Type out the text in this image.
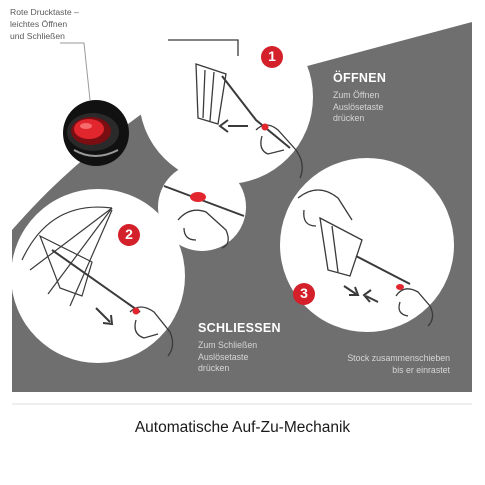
Rote Drucktaste –
leichtes Öffnen
und Schließen

1
2
3
ÖFFNEN

Zum Öffnen
Auslösetaste
drücken

SCHLIESSEN

Zum Schließen
Auslösetaste
drücken

Stock zusammenschieben
bis er einrastet

Automatische Auf-Zu-Mechanik
